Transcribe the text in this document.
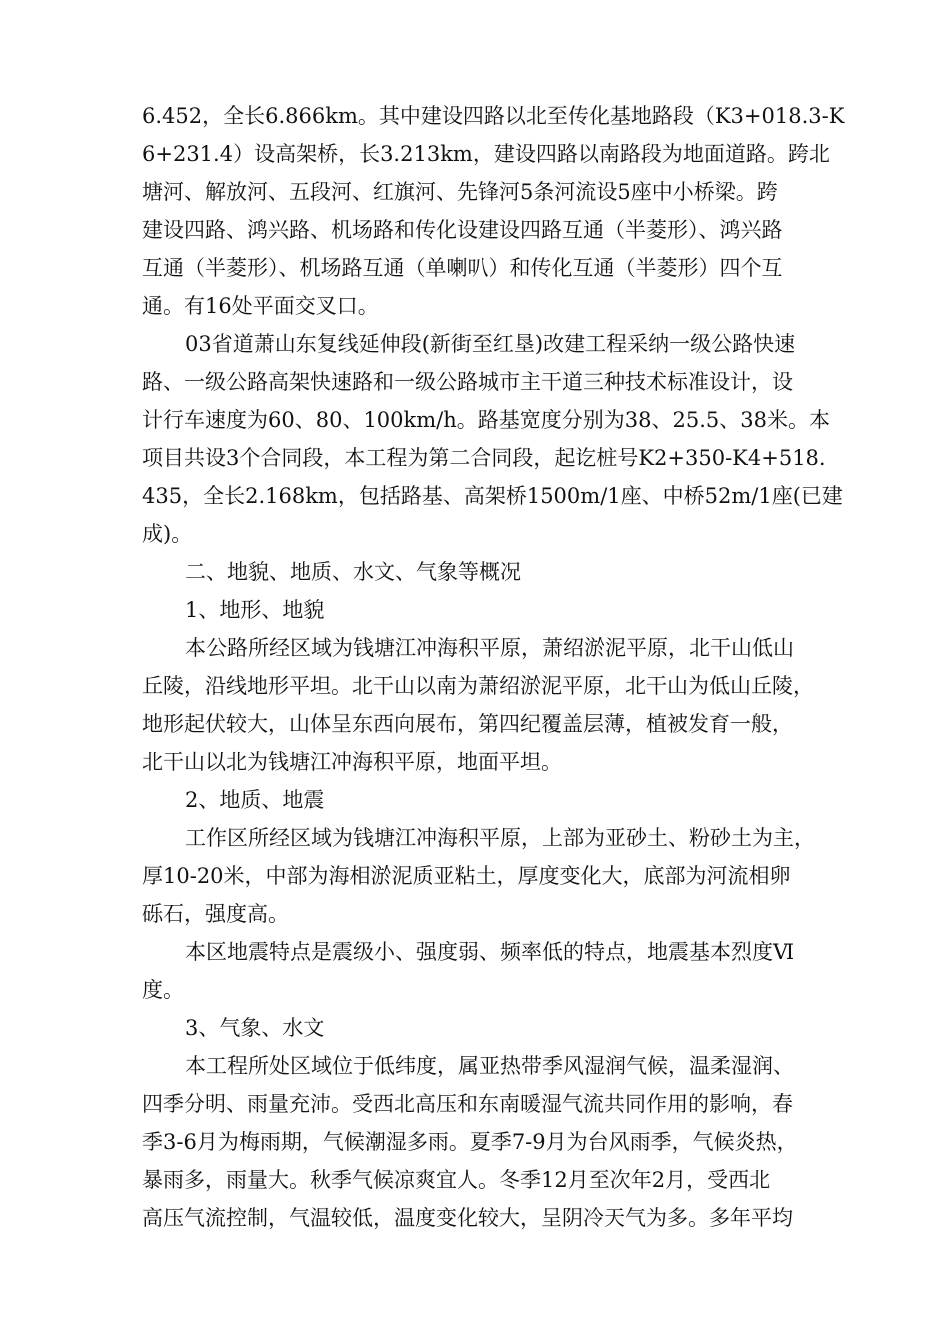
6.452，全长6.866km。其中建设四路以北至传化基地路段（K3+018.3-K
6+231.4）设高架桥，长3.213km，建设四路以南路段为地面道路。跨北
塘河、解放河、五段河、红旗河、先锋河5条河流设5座中小桥梁。跨
建设四路、鸿兴路、机场路和传化设建设四路互通（半菱形）、鸿兴路
互通（半菱形）、机场路互通（单喇叭）和传化互通（半菱形）四个互
通。有16处平面交叉口。
03省道萧山东复线延伸段(新街至红垦)改建工程采纳一级公路快速
路、一级公路高架快速路和一级公路城市主干道三种技术标准设计，设
计行车速度为60、80、100km/h。路基宽度分别为38、25.5、38米。本
项目共设3个合同段，本工程为第二合同段，起讫桩号K2+350-K4+518.
435，全长2.168km，包括路基、高架桥1500m/1座、中桥52m/1座(已建
成)。
二、地貌、地质、水文、气象等概况
1、地形、地貌
本公路所经区域为钱塘江冲海积平原，萧绍淤泥平原，北干山低山
丘陵，沿线地形平坦。北干山以南为萧绍淤泥平原，北干山为低山丘陵，
地形起伏较大，山体呈东西向展布，第四纪覆盖层薄，植被发育一般，
北干山以北为钱塘江冲海积平原，地面平坦。
2、地质、地震
工作区所经区域为钱塘江冲海积平原，上部为亚砂土、粉砂土为主，
厚10-20米，中部为海相淤泥质亚粘土，厚度变化大，底部为河流相卵
砾石，强度高。
本区地震特点是震级小、强度弱、频率低的特点，地震基本烈度Ⅵ
度。
3、气象、水文
本工程所处区域位于低纬度，属亚热带季风湿润气候，温柔湿润、
四季分明、雨量充沛。受西北高压和东南暖湿气流共同作用的影响，春
季3-6月为梅雨期，气候潮湿多雨。夏季7-9月为台风雨季，气候炎热，
暴雨多，雨量大。秋季气候凉爽宜人。冬季12月至次年2月，受西北
高压气流控制，气温较低，温度变化较大，呈阴冷天气为多。多年平均
